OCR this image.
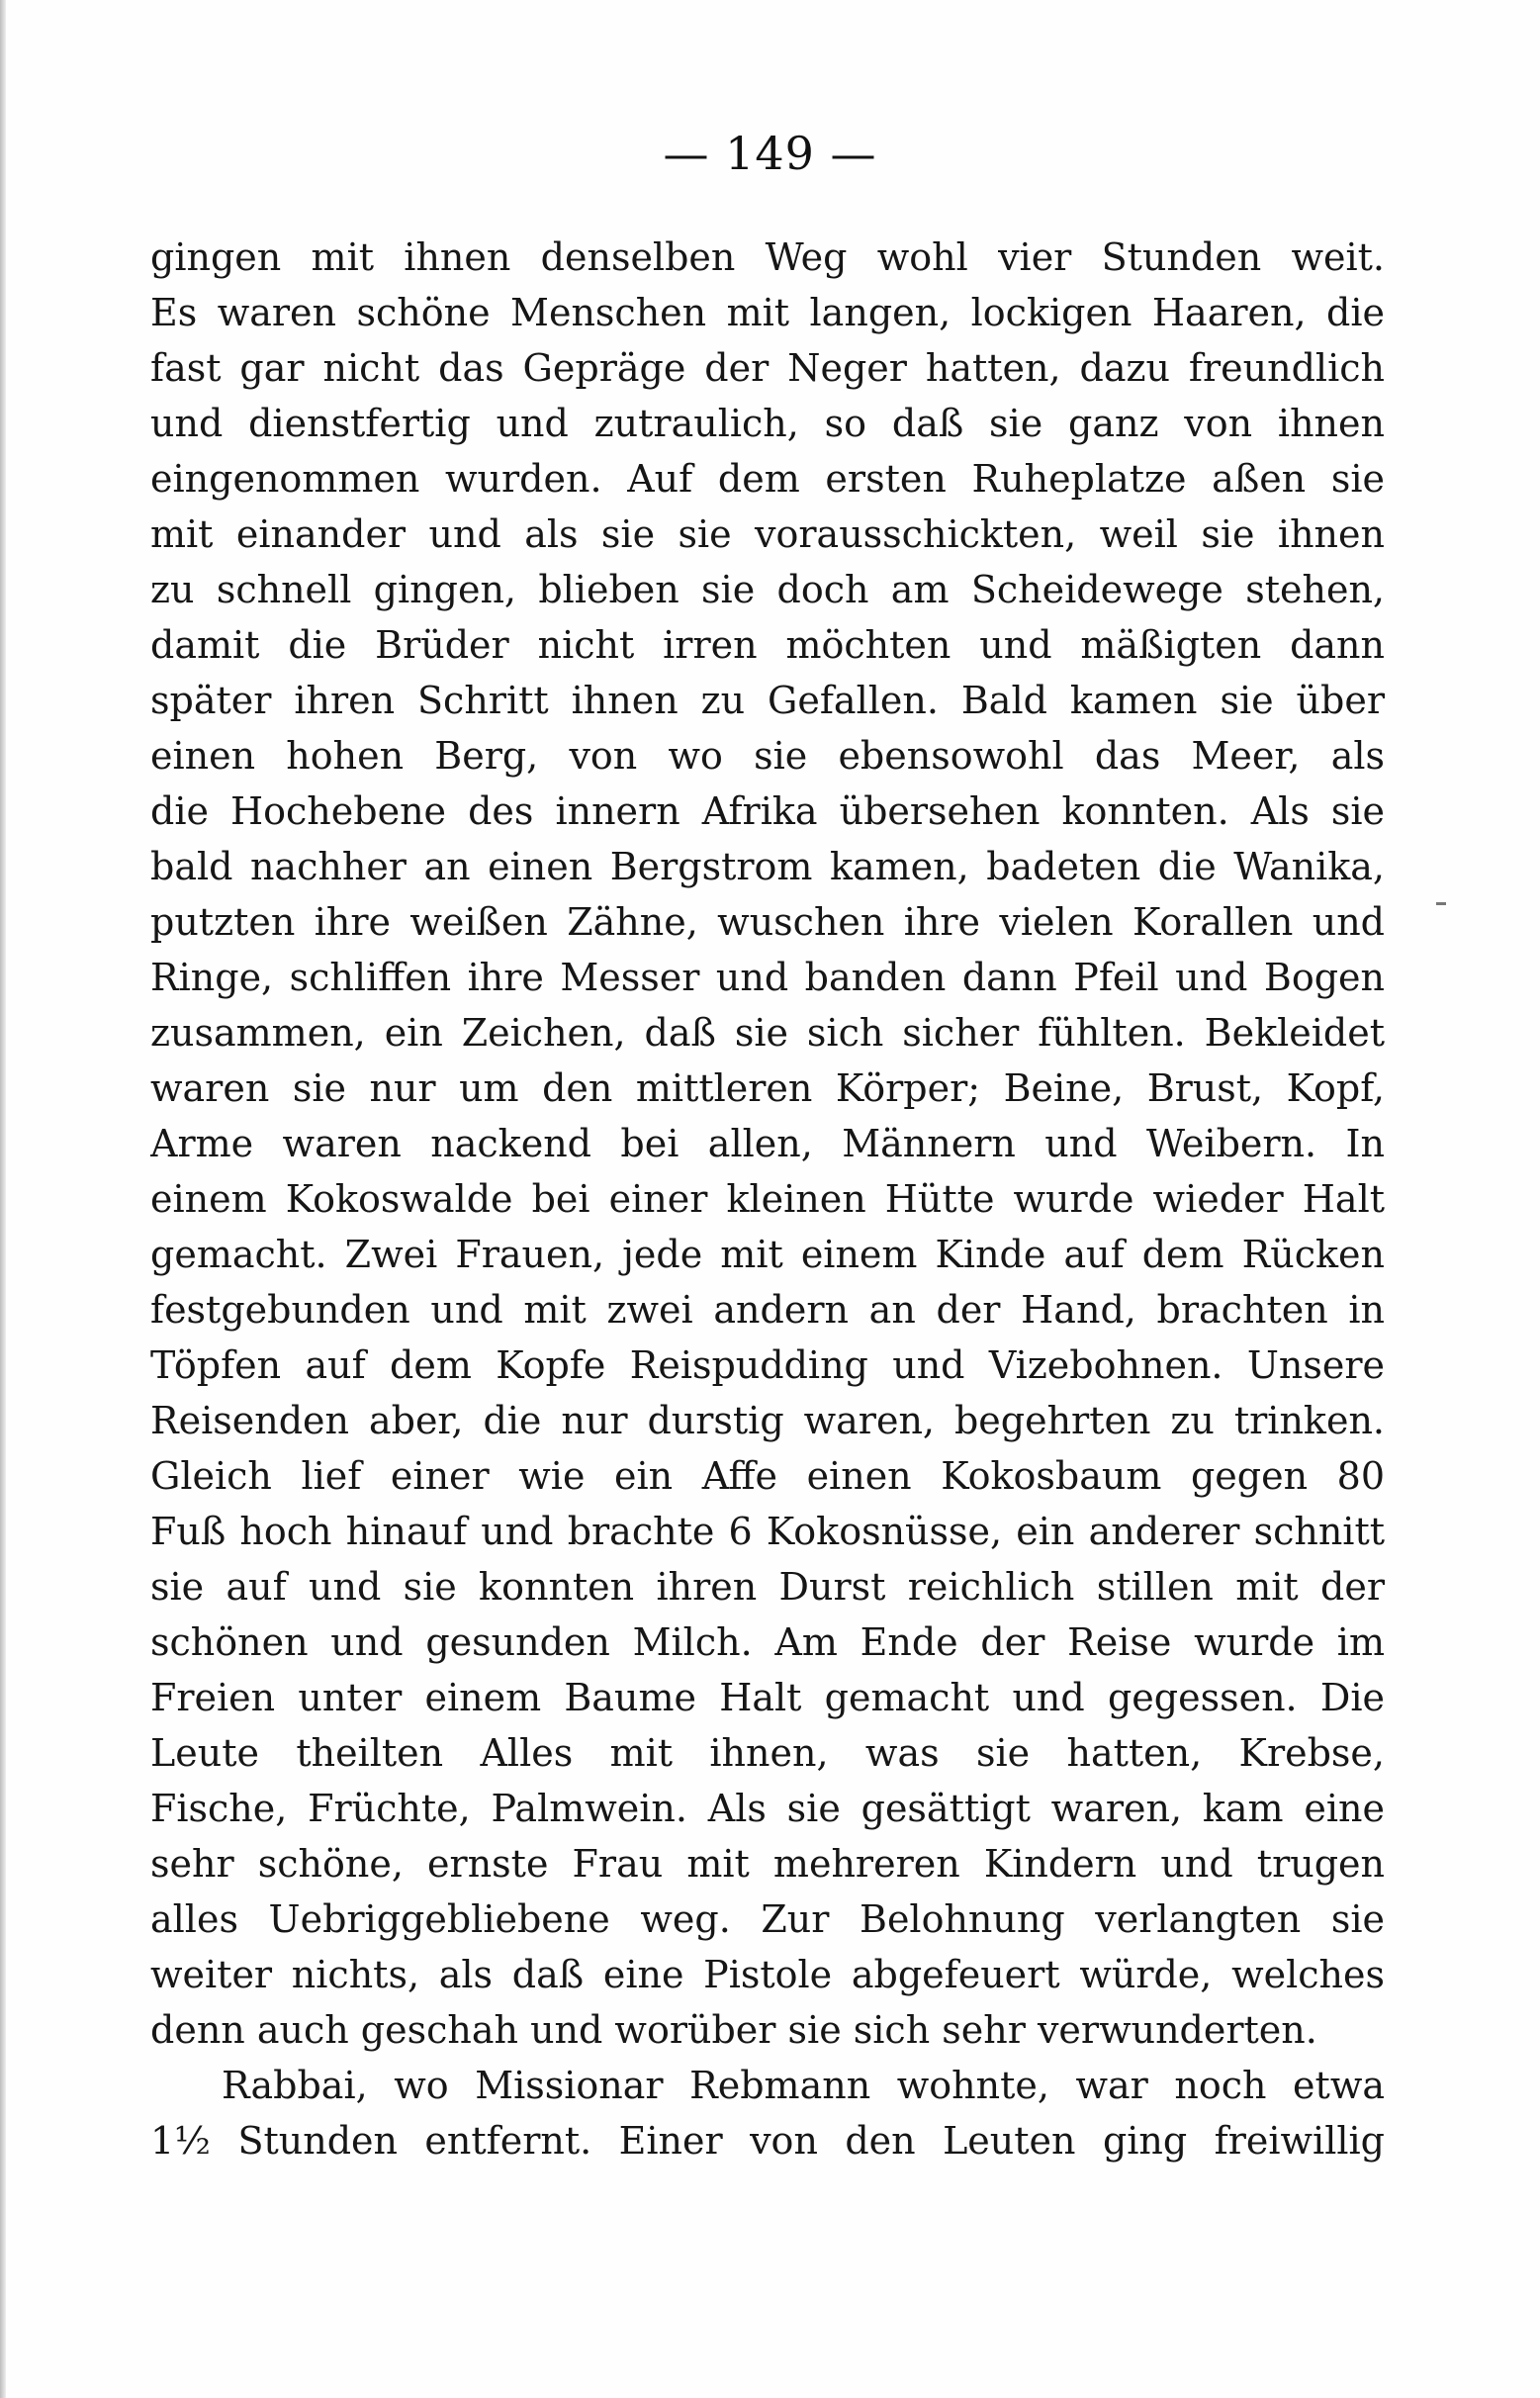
— 149 —
gingen mit ihnen denselben Weg wohl vier Stunden weit.
Es waren schöne Menschen mit langen, lockigen Haaren, die
fast gar nicht das Gepräge der Neger hatten, dazu freundlich
und dienstfertig und zutraulich, so daß sie ganz von ihnen
eingenommen wurden. Auf dem ersten Ruheplatze aßen sie
mit einander und als sie sie vorausschickten, weil sie ihnen
zu schnell gingen, blieben sie doch am Scheidewege stehen,
damit die Brüder nicht irren möchten und mäßigten dann
später ihren Schritt ihnen zu Gefallen. Bald kamen sie über
einen hohen Berg, von wo sie ebensowohl das Meer, als
die Hochebene des innern Afrika übersehen konnten. Als sie
bald nachher an einen Bergstrom kamen, badeten die Wanika,
putzten ihre weißen Zähne, wuschen ihre vielen Korallen und
Ringe, schliffen ihre Messer und banden dann Pfeil und Bogen
zusammen, ein Zeichen, daß sie sich sicher fühlten. Bekleidet
waren sie nur um den mittleren Körper; Beine, Brust, Kopf,
Arme waren nackend bei allen, Männern und Weibern. In
einem Kokoswalde bei einer kleinen Hütte wurde wieder Halt
gemacht. Zwei Frauen, jede mit einem Kinde auf dem Rücken
festgebunden und mit zwei andern an der Hand, brachten in
Töpfen auf dem Kopfe Reispudding und Vizebohnen. Unsere
Reisenden aber, die nur durstig waren, begehrten zu trinken.
Gleich lief einer wie ein Affe einen Kokosbaum gegen 80
Fuß hoch hinauf und brachte 6 Kokosnüsse, ein anderer schnitt
sie auf und sie konnten ihren Durst reichlich stillen mit der
schönen und gesunden Milch. Am Ende der Reise wurde im
Freien unter einem Baume Halt gemacht und gegessen. Die
Leute theilten Alles mit ihnen, was sie hatten, Krebse,
Fische, Früchte, Palmwein. Als sie gesättigt waren, kam eine
sehr schöne, ernste Frau mit mehreren Kindern und trugen
alles Uebriggebliebene weg. Zur Belohnung verlangten sie
weiter nichts, als daß eine Pistole abgefeuert würde, welches
denn auch geschah und worüber sie sich sehr verwunderten.
Rabbai, wo Missionar Rebmann wohnte, war noch etwa
1½ Stunden entfernt. Einer von den Leuten ging freiwillig
